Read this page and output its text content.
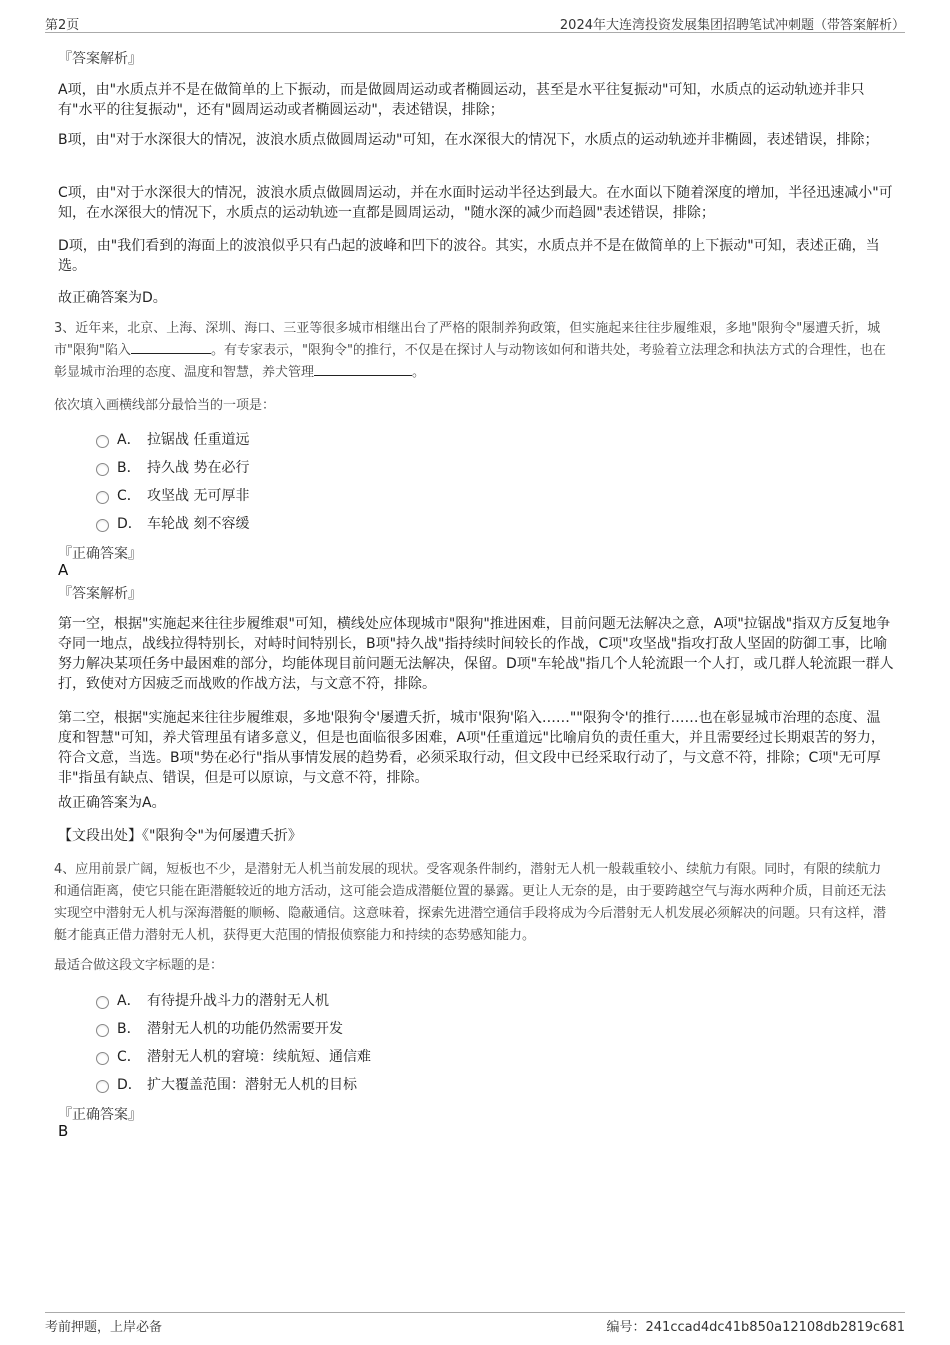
第2页	2024年大连湾投资发展集团招聘笔试冲刺题（带答案解析）
『答案解析』
A项，由"水质点并不是在做简单的上下振动，而是做圆周运动或者椭圆运动，甚至是水平往复振动"可知，水质点的运动轨迹并非只有"水平的往复振动"，还有"圆周运动或者椭圆运动"，表述错误，排除；
B项，由"对于水深很大的情况，波浪水质点做圆周运动"可知，在水深很大的情况下，水质点的运动轨迹并非椭圆，表述错误，排除；
C项，由"对于水深很大的情况，波浪水质点做圆周运动，并在水面时运动半径达到最大。在水面以下随着深度的增加，半径迅速减小"可知，在水深很大的情况下，水质点的运动轨迹一直都是圆周运动，"随水深的减少而趋圆"表述错误，排除；
D项，由"我们看到的海面上的波浪似乎只有凸起的波峰和凹下的波谷。其实，水质点并不是在做简单的上下振动"可知，表述正确，当选。
故正确答案为D。
3、近年来，北京、上海、深圳、海口、三亚等很多城市相继出台了严格的限制养狗政策，但实施起来往往步履维艰，多地"限狗令"屡遭夭折，城市"限狗"陷入	。有专家表示，"限狗令"的推行，不仅是在探讨人与动物该如何和谐共处，考验着立法理念和执法方式的合理性，也在彰显城市治理的态度、温度和智慧，养犬管理	。
依次填入画横线部分最恰当的一项是：
A． 拉锯战 任重道远
B． 持久战 势在必行
C． 攻坚战 无可厚非
D． 车轮战 刻不容缓
『正确答案』
A
『答案解析』
第一空，根据"实施起来往往步履维艰"可知，横线处应体现城市"限狗"推进困难，目前问题无法解决之意，A项"拉锯战"指双方反复地争夺同一地点，战线拉得特别长，对峙时间特别长，B项"持久战"指持续时间较长的作战，C项"攻坚战"指攻打敌人坚固的防御工事，比喻努力解决某项任务中最困难的部分，均能体现目前问题无法解决，保留。D项"车轮战"指几个人轮流跟一个人打，或几群人轮流跟一群人打，致使对方因疲乏而战败的作战方法，与文意不符，排除。
第二空，根据"实施起来往往步履维艰，多地'限狗令'屡遭夭折，城市'限狗'陷入……""限狗令'的推行……也在彰显城市治理的态度、温度和智慧"可知，养犬管理虽有诸多意义，但是也面临很多困难，A项"任重道远"比喻肩负的责任重大，并且需要经过长期艰苦的努力，符合文意，当选。B项"势在必行"指从事情发展的趋势看，必须采取行动，但文段中已经采取行动了，与文意不符，排除；C项"无可厚非"指虽有缺点、错误，但是可以原谅，与文意不符，排除。
故正确答案为A。
【文段出处】《"限狗令"为何屡遭夭折》
4、应用前景广阔，短板也不少，是潜射无人机当前发展的现状。受客观条件制约，潜射无人机一般载重较小、续航力有限。同时，有限的续航力和通信距离，使它只能在距潜艇较近的地方活动，这可能会造成潜艇位置的暴露。更让人无奈的是，由于要跨越空气与海水两种介质，目前还无法实现空中潜射无人机与深海潜艇的顺畅、隐蔽通信。这意味着，探索先进潜空通信手段将成为今后潜射无人机发展必须解决的问题。只有这样，潜艇才能真正借力潜射无人机，获得更大范围的情报侦察能力和持续的态势感知能力。
最适合做这段文字标题的是：
A． 有待提升战斗力的潜射无人机
B． 潜射无人机的功能仍然需要开发
C． 潜射无人机的窘境：续航短、通信难
D． 扩大覆盖范围：潜射无人机的目标
『正确答案』
B
考前押题，上岸必备	编号：241ccad4dc41b850a12108db2819c681
